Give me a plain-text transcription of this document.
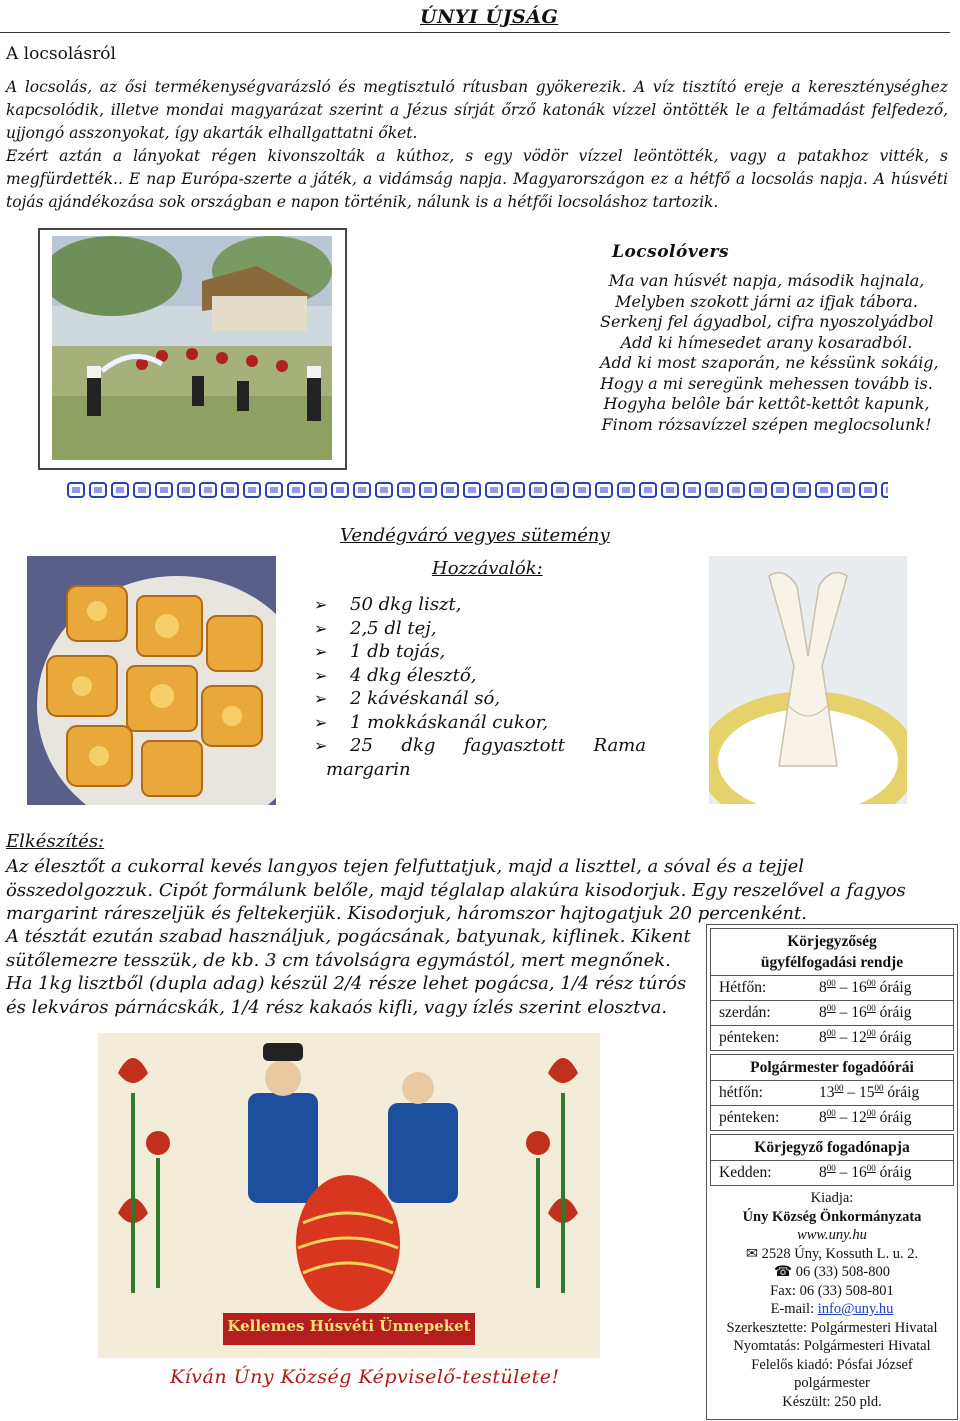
ÚNYI ÚJSÁG
A locsolásról

A locsolás, az ősi termékenységvarázsló és megtisztuló rítusban gyökerezik. A víz tisztító ereje a kereszténységhez kapcsolódik, illetve mondai magyarázat szerint a Jézus sírját őrző katonák vízzel öntötték le a feltámadást felfedező, ujjongó asszonyokat, így akarták elhallgattatni őket.

Ezért aztán a lányokat régen kivonszolták a kúthoz, s egy vödör vízzel leöntötték, vagy a patakhoz vitték, s megfürdették.. E nap Európa-szerte a játék, a vidámság napja. Magyarországon ez a hétfő a locsolás napja. A húsvéti tojás ajándékozása sok országban e napon történik, nálunk is a hétfői locsoláshoz tartozik.

Locsolóvers
Ma van húsvét napja, második hajnala,
Melyben szokott járni az ifjak tábora.
Serkenj fel ágyadbol, cifra nyoszolyádbol
Add ki hímesedet arany kosaradból.
Add ki most szaporán, ne késsünk sokáig,
Hogy a mi seregünk mehessen tovább is.
Hogyha belôle bár kettôt-kettôt kapunk,
Finom rózsavízzel szépen meglocsolunk!
Vendégváró vegyes sütemény
Hozzávalók:
➢	50 dkg liszt,
➢	2,5 dl tej,
➢	1 db tojás,
➢	4 dkg élesztő,
➢	2 kávéskanál só,
➢	1 mokkáskanál cukor,
➢	25 dkg fagyasztott Rama
margarin
Elkészítés:

Az élesztőt a cukorral kevés langyos tejen felfuttatjuk, majd a liszttel, a sóval és a tejjel összedolgozzuk. Cipót formálunk belőle, majd téglalap alakúra kisodorjuk. Egy reszelővel a fagyos margarint ráreszeljük és feltekerjük. Kisodorjuk, háromszor hajtogatjuk 20 percenként.

A tésztát ezután szabad használjuk, pogácsának, batyunak, kiflinek. Kikent sütőlemezre tesszük, de kb. 3 cm távolságra egymástól, mert megnőnek.

Ha 1kg lisztből (dupla adag) készül 2/4 része lehet pogácsa, 1/4 rész túrós és lekváros párnácskák, 1/4 rész kakaós kifli, vagy ízlés szerint elosztva.

Kellemes Húsvéti Ünnepeket
Kíván Úny Község Képviselő-testülete!
Körjegyzőség
ügyfélfogadási rendje
Hétfőn:	$8^{00} - 16^{00}$ óráig
szerdán:	$8^{00} - 16^{00}$ óráig
pénteken:	$8^{00} - 12^{00}$ óráig
Polgármester fogadóórái
hétfőn:	$13^{00} - 15^{00}$ óráig
pénteken:	$8^{00} - 12^{00}$ óráig
Körjegyző fogadónapja
Kedden:	$8^{00} - 16^{00}$ óráig
Kiadja:
Úny Község Önkormányzata
www.uny.hu
✉ 2528 Úny, Kossuth L. u. 2.
☎ 06 (33) 508-800
Fax: 06 (33) 508-801
E-mail: info@uny.hu
Szerkesztette: Polgármesteri Hivatal
Nyomtatás: Polgármesteri Hivatal
Felelős kiadó: Pósfai József
polgármester
Készült: 250 pld.
